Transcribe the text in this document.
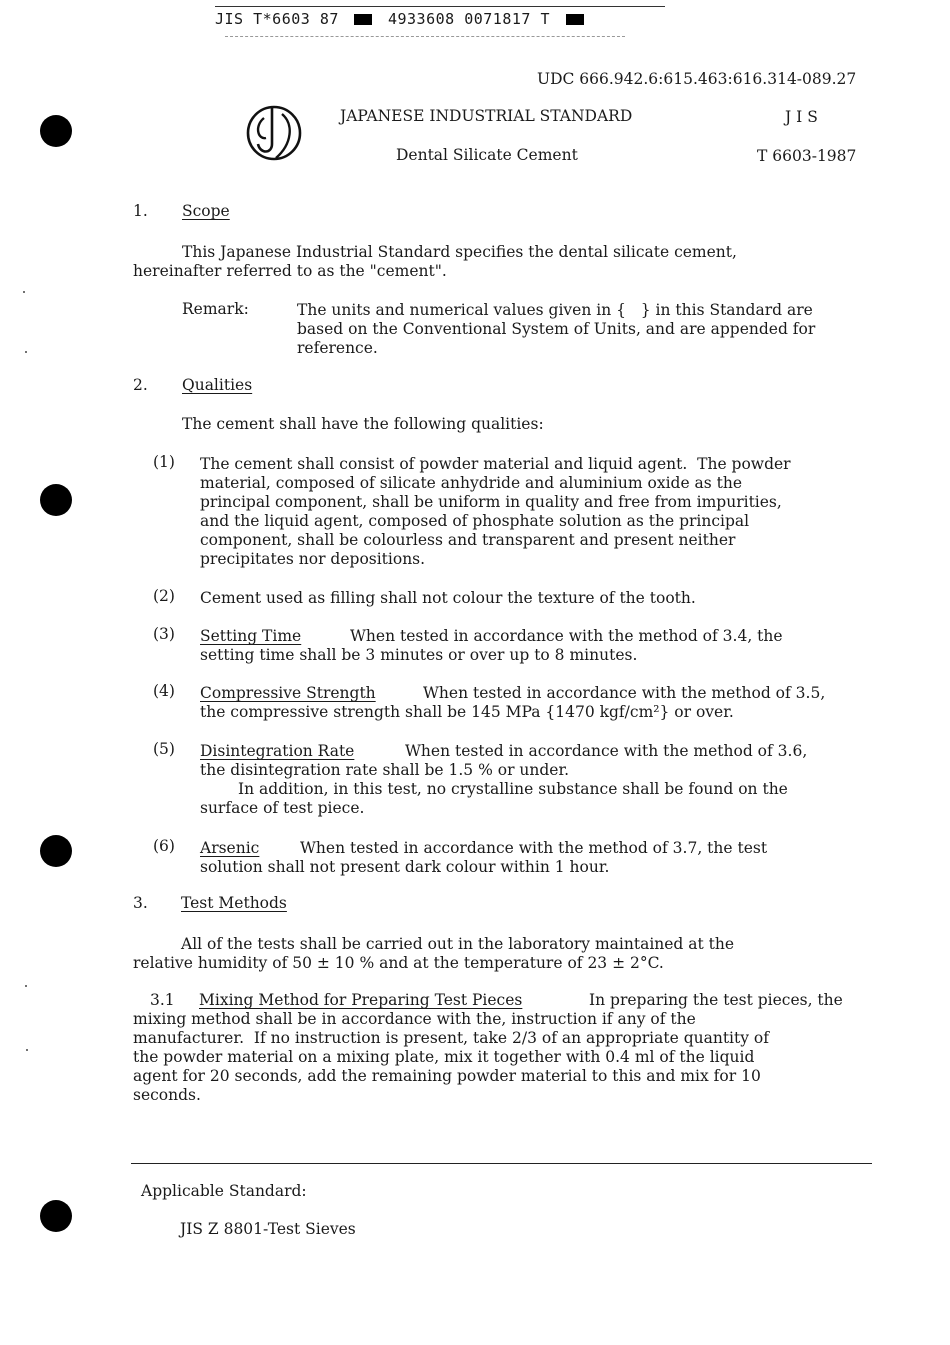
JIS T*6603 87	4933608 0071817 T
UDC 666.942.6:615.463:616.314-089.27
JAPANESE INDUSTRIAL STANDARD	J I S
Dental Silicate Cement	T 6603-1987
1. Scope
This Japanese Industrial Standard specifies the dental silicate cement,
hereinafter referred to as the "cement".
Remark:	The units and numerical values given in {   } in this Standard are
based on the Conventional System of Units, and are appended for
reference.
2. Qualities
The cement shall have the following qualities:
(1) The cement shall consist of powder material and liquid agent.  The powder
material, composed of silicate anhydride and aluminium oxide as the
principal component, shall be uniform in quality and free from impurities,
and the liquid agent, composed of phosphate solution as the principal
component, shall be colourless and transparent and present neither
precipitates nor depositions.
(2) Cement used as filling shall not colour the texture of the tooth.
(3) Setting Time	When tested in accordance with the method of 3.4, the
setting time shall be 3 minutes or over up to 8 minutes.
(4) Compressive Strength	When tested in accordance with the method of 3.5,
the compressive strength shall be 145 MPa {1470 kgf/cm²} or over.
(5) Disintegration Rate	When tested in accordance with the method of 3.6,
the disintegration rate shall be 1.5 % or under.
In addition, in this test, no crystalline substance shall be found on the
surface of test piece.
(6) Arsenic	When tested in accordance with the method of 3.7, the test
solution shall not present dark colour within 1 hour.
3. Test Methods
All of the tests shall be carried out in the laboratory maintained at the
relative humidity of 50 ± 10 % and at the temperature of 23 ± 2°C.
3.1 Mixing Method for Preparing Test Pieces	In preparing the test pieces, the
mixing method shall be in accordance with the, instruction if any of the
manufacturer.  If no instruction is present, take 2/3 of an appropriate quantity of
the powder material on a mixing plate, mix it together with 0.4 ml of the liquid
agent for 20 seconds, add the remaining powder material to this and mix for 10
seconds.
Applicable Standard:
JIS Z 8801-Test Sieves
